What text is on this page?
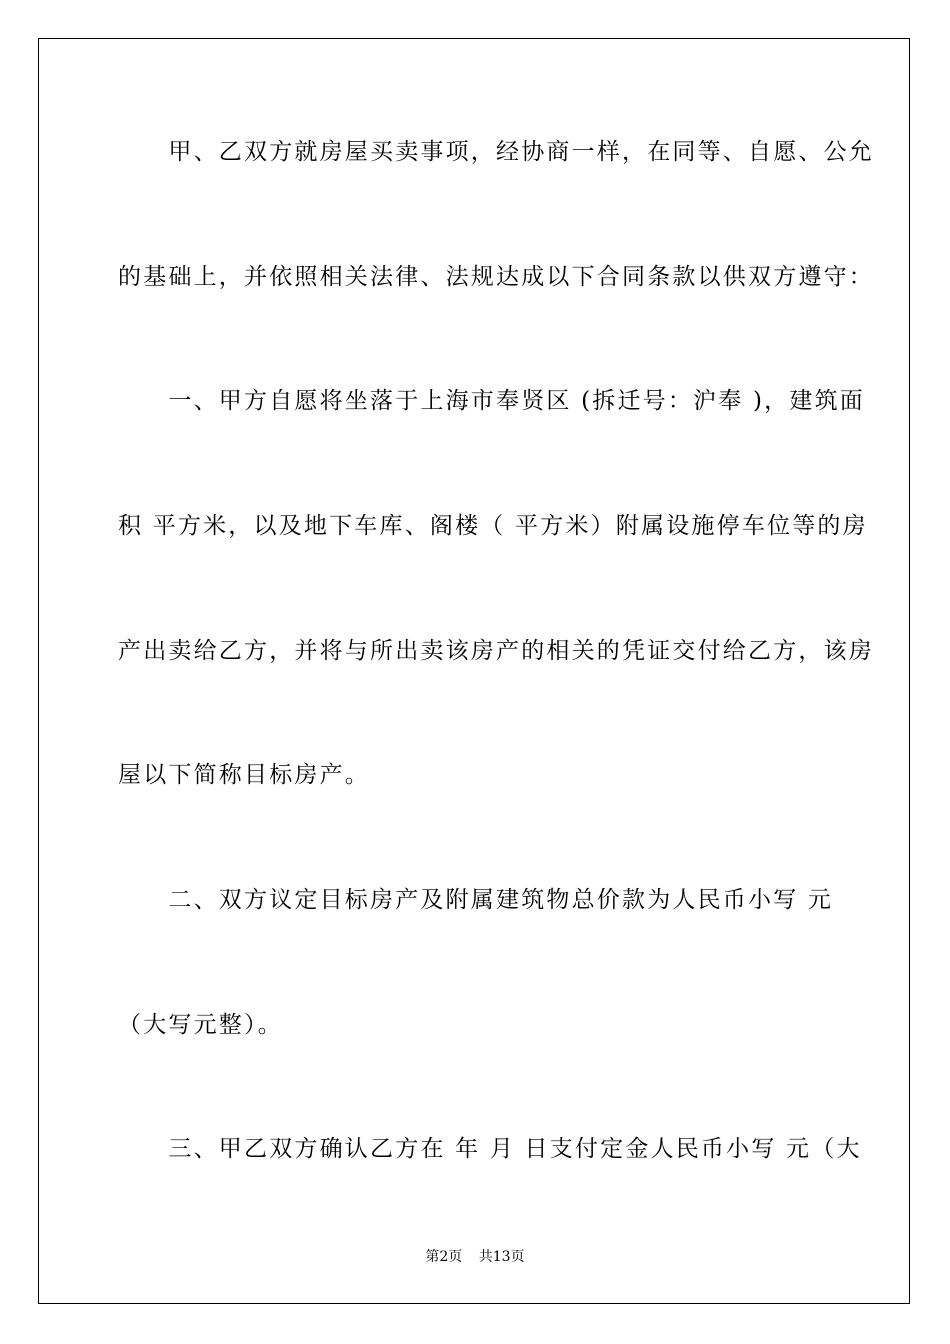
　　甲、乙双方就房屋买卖事项，经协商一样，在同等、自愿、公允
的基础上，并依照相关法律、法规达成以下合同条款以供双方遵守：
　　一、甲方自愿将坐落于上海市奉贤区 (拆迁号：沪奉 )，建筑面
积 平方米，以及地下车库、阁楼（ 平方米）附属设施停车位等的房
产出卖给乙方，并将与所出卖该房产的相关的凭证交付给乙方，该房
屋以下简称目标房产。
　　二、双方议定目标房产及附属建筑物总价款为人民币小写 元
（大写元整）。
　　三、甲乙双方确认乙方在 年 月 日支付定金人民币小写 元（大
第2页 共13页
